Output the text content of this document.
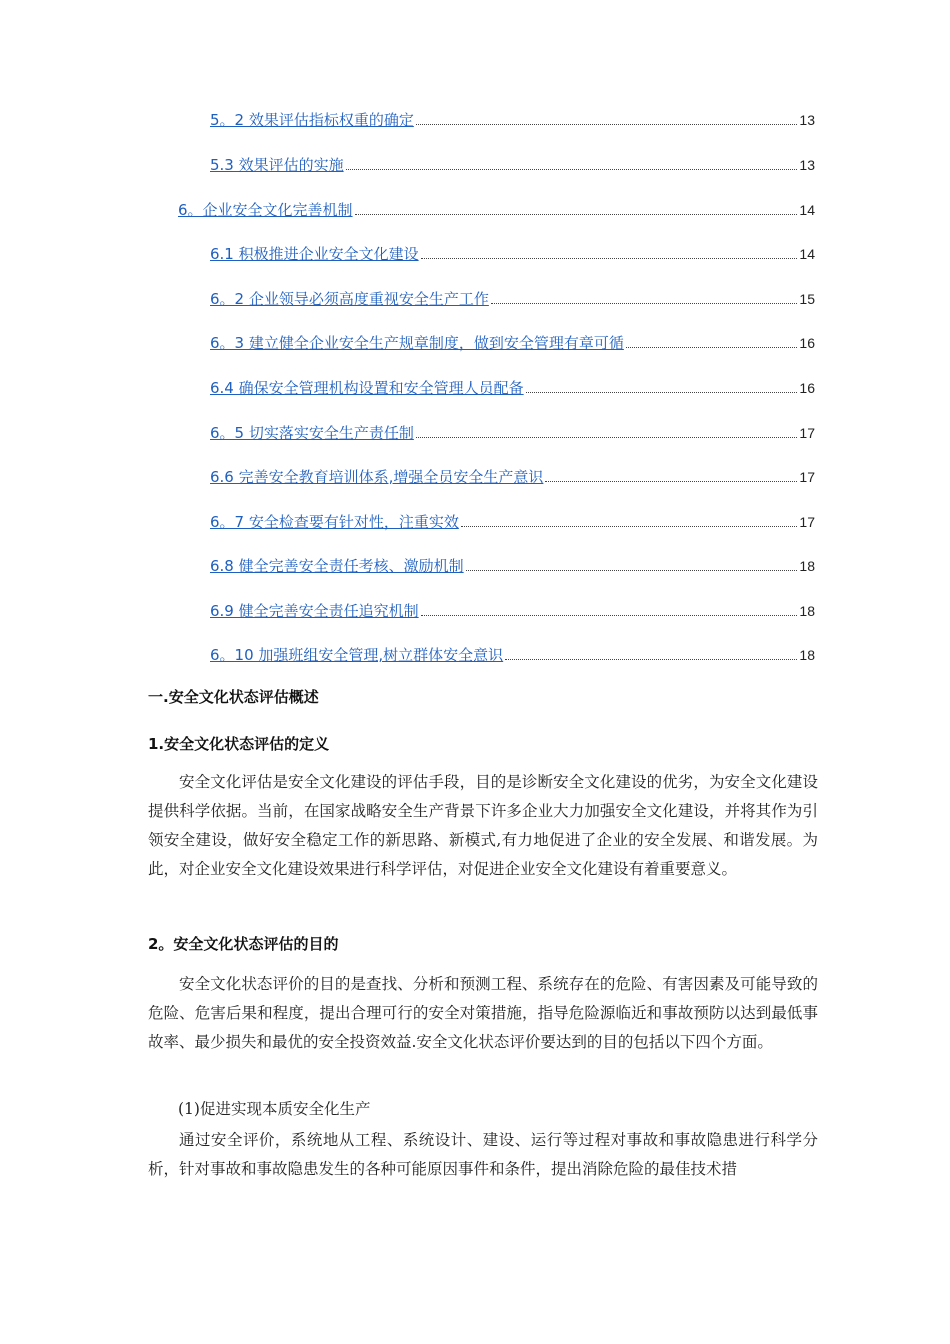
5。2 效果评估指标权重的确定	13
5.3 效果评估的实施	13
6。企业安全文化完善机制	14
6.1 积极推进企业安全文化建设	14
6。2 企业领导必须高度重视安全生产工作	15
6。3 建立健全企业安全生产规章制度，做到安全管理有章可循	16
6.4 确保安全管理机构设置和安全管理人员配备	16
6。5 切实落实安全生产责任制	17
6.6 完善安全教育培训体系,增强全员安全生产意识	17
6。7 安全检查要有针对性，注重实效	17
6.8 健全完善安全责任考核、激励机制	18
6.9 健全完善安全责任追究机制	18
6。10 加强班组安全管理,树立群体安全意识	18
一.安全文化状态评估概述
1.安全文化状态评估的定义

安全文化评估是安全文化建设的评估手段，目的是诊断安全文化建设的优劣，为安全文化建设提供科学依据。当前，在国家战略安全生产背景下许多企业大力加强安全文化建设，并将其作为引领安全建设，做好安全稳定工作的新思路、新模式,有力地促进了企业的安全发展、和谐发展。为此，对企业安全文化建设效果进行科学评估，对促进企业安全文化建设有着重要意义。

2。安全文化状态评估的目的

安全文化状态评价的目的是查找、分析和预测工程、系统存在的危险、有害因素及可能导致的危险、危害后果和程度，提出合理可行的安全对策措施，指导危险源临近和事故预防以达到最低事故率、最少损失和最优的安全投资效益.安全文化状态评价要达到的目的包括以下四个方面。

(1)促进实现本质安全化生产

通过安全评价，系统地从工程、系统设计、建设、运行等过程对事故和事故隐患进行科学分析，针对事故和事故隐患发生的各种可能原因事件和条件，提出消除危险的最佳技术措
